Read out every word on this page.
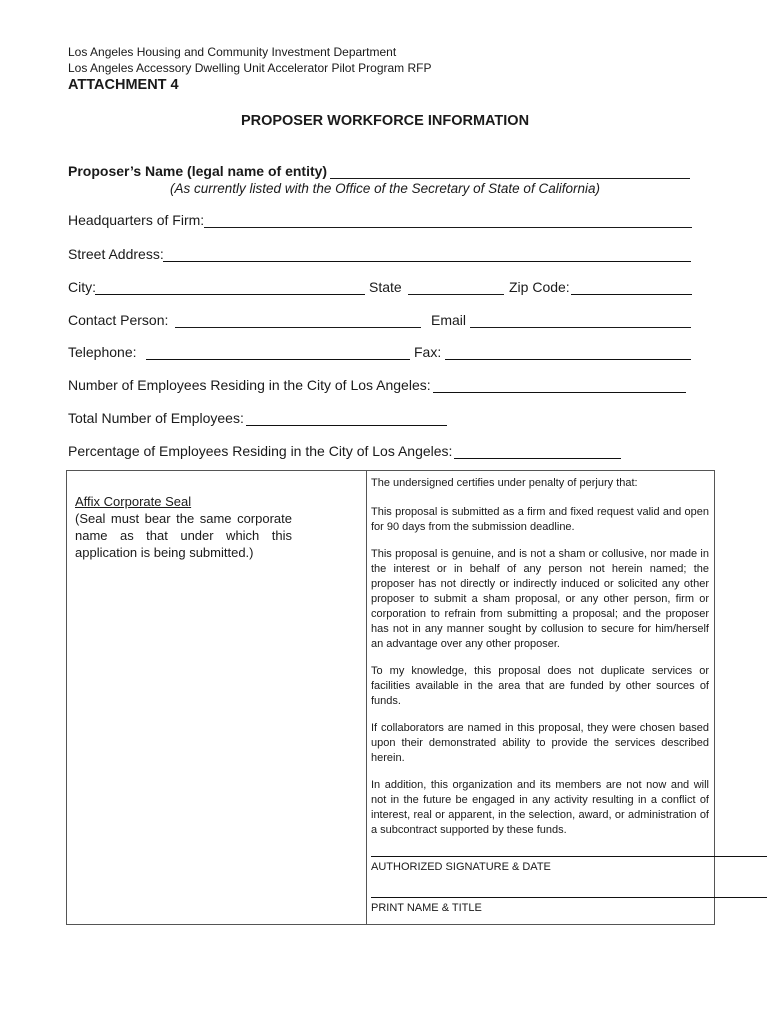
Los Angeles Housing and Community Investment Department
Los Angeles Accessory Dwelling Unit Accelerator Pilot Program RFP
ATTACHMENT 4
PROPOSER WORKFORCE INFORMATION
Proposer’s Name (legal name of entity)
(As currently listed with the Office of the Secretary of State of California)
Headquarters of Firm:
Street Address:
City:	State	Zip Code:
Contact Person:	Email
Telephone:	Fax:
Number of Employees Residing in the City of Los Angeles:
Total Number of Employees:
Percentage of Employees Residing in the City of Los Angeles:
Affix Corporate Seal
(Seal must bear the same corporate name as that under which this application is being submitted.)

The undersigned certifies under penalty of perjury that:

This proposal is submitted as a firm and fixed request valid and open for 90 days from the submission deadline.

This proposal is genuine, and is not a sham or collusive, nor made in the interest or in behalf of any person not herein named; the proposer has not directly or indirectly induced or solicited any other proposer to submit a sham proposal, or any other person, firm or corporation to refrain from submitting a proposal; and the proposer has not in any manner sought by collusion to secure for him/herself an advantage over any other proposer.

To my knowledge, this proposal does not duplicate services or facilities available in the area that are funded by other sources of funds.

If collaborators are named in this proposal, they were chosen based upon their demonstrated ability to provide the services described herein.

In addition, this organization and its members are not now and will not in the future be engaged in any activity resulting in a conflict of interest, real or apparent, in the selection, award, or administration of a subcontract supported by these funds.

AUTHORIZED SIGNATURE & DATE
PRINT NAME & TITLE
